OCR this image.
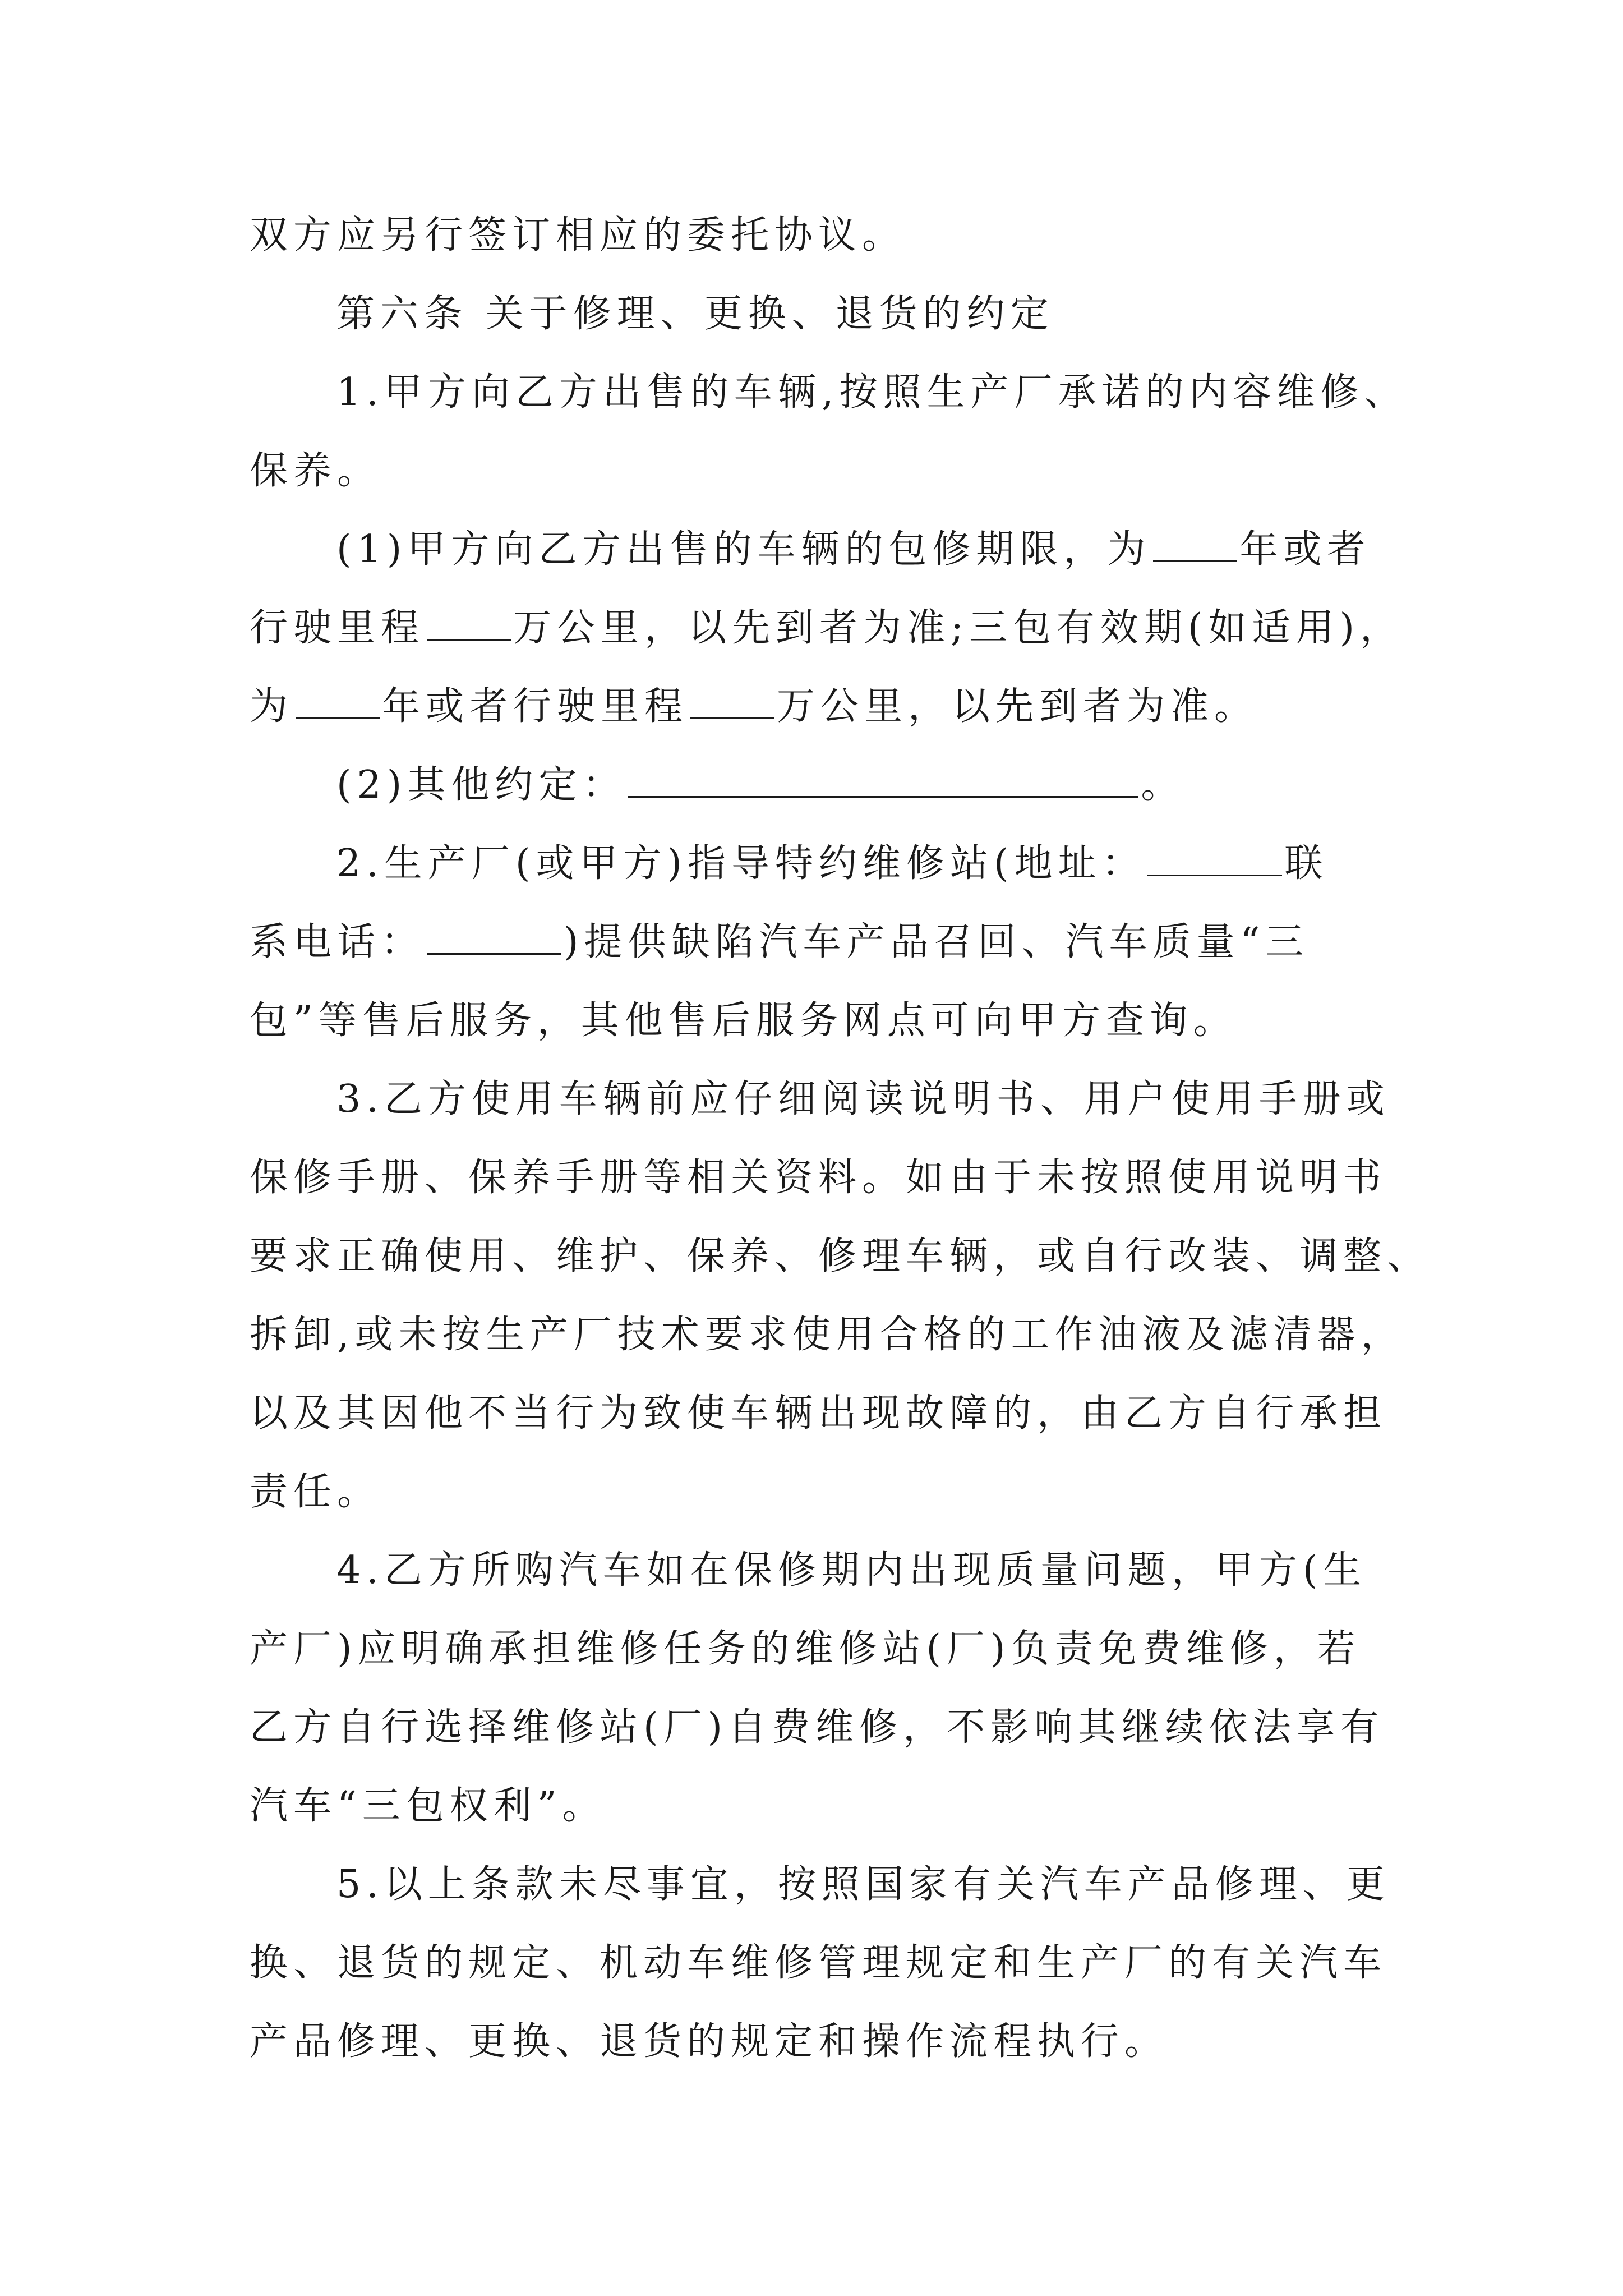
双方应另行签订相应的委托协议。

第六条 关于修理、更换、退货的约定

1.甲方向乙方出售的车辆,按照生产厂承诺的内容维修、

保养。

(1)甲方向乙方出售的车辆的包修期限，为 年或者

行驶里程 万公里，以先到者为准;三包有效期(如适用)，

为 年或者行驶里程 万公里，以先到者为准。

(2)其他约定：	。

2.生产厂(或甲方)指导特约维修站(地址：	联

系电话：	)提供缺陷汽车产品召回、汽车质量“三

包”等售后服务，其他售后服务网点可向甲方查询。

3.乙方使用车辆前应仔细阅读说明书、用户使用手册或

保修手册、保养手册等相关资料。如由于未按照使用说明书

要求正确使用、维护、保养、修理车辆，或自行改装、调整、

拆卸,或未按生产厂技术要求使用合格的工作油液及滤清器，

以及其因他不当行为致使车辆出现故障的，由乙方自行承担

责任。

4.乙方所购汽车如在保修期内出现质量问题，甲方(生

产厂)应明确承担维修任务的维修站(厂)负责免费维修，若

乙方自行选择维修站(厂)自费维修，不影响其继续依法享有

汽车“三包权利”。

5.以上条款未尽事宜，按照国家有关汽车产品修理、更

换、退货的规定、机动车维修管理规定和生产厂的有关汽车

产品修理、更换、退货的规定和操作流程执行。
